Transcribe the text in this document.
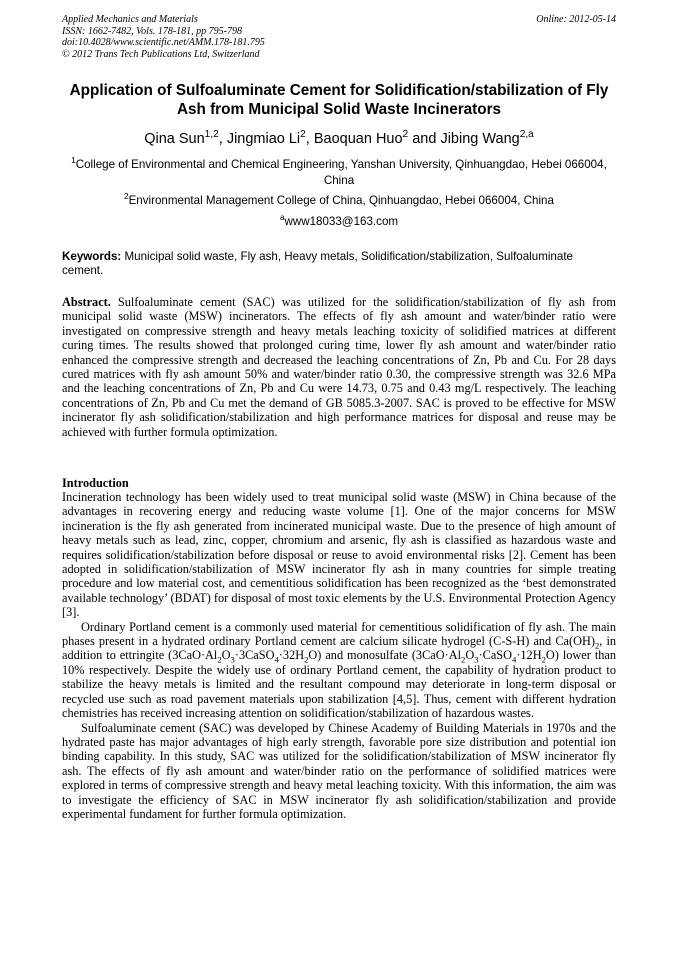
Applied Mechanics and Materials
ISSN: 1662-7482, Vols. 178-181, pp 795-798
doi:10.4028/www.scientific.net/AMM.178-181.795
© 2012 Trans Tech Publications Ltd, Switzerland
Online: 2012-05-14
Application of Sulfoaluminate Cement for Solidification/stabilization of Fly Ash from Municipal Solid Waste Incinerators
Qina Sun$^{1,2}$, Jingmiao Li$^2$, Baoquan Huo$^2$ and Jibing Wang$^{2,a}$
$^1$College of Environmental and Chemical Engineering, Yanshan University, Qinhuangdao, Hebei 066004, China
$^2$Environmental Management College of China, Qinhuangdao, Hebei 066004, China
$^a$www18033@163.com
Keywords: Municipal solid waste, Fly ash, Heavy metals, Solidification/stabilization, Sulfoaluminate cement.
Abstract. Sulfoaluminate cement (SAC) was utilized for the solidification/stabilization of fly ash from municipal solid waste (MSW) incinerators. The effects of fly ash amount and water/binder ratio were investigated on compressive strength and heavy metals leaching toxicity of solidified matrices at different curing times. The results showed that prolonged curing time, lower fly ash amount and water/binder ratio enhanced the compressive strength and decreased the leaching concentrations of Zn, Pb and Cu. For 28 days cured matrices with fly ash amount 50% and water/binder ratio 0.30, the compressive strength was 32.6 MPa and the leaching concentrations of Zn, Pb and Cu were 14.73, 0.75 and 0.43 mg/L respectively. The leaching concentrations of Zn, Pb and Cu met the demand of GB 5085.3-2007. SAC is proved to be effective for MSW incinerator fly ash solidification/stabilization and high performance matrices for disposal and reuse may be achieved with further formula optimization.
Introduction

Incineration technology has been widely used to treat municipal solid waste (MSW) in China because of the advantages in recovering energy and reducing waste volume [1]. One of the major concerns for MSW incineration is the fly ash generated from incinerated municipal waste. Due to the presence of high amount of heavy metals such as lead, zinc, copper, chromium and arsenic, fly ash is classified as hazardous waste and requires solidification/stabilization before disposal or reuse to avoid environmental risks [2]. Cement has been adopted in solidification/stabilization of MSW incinerator fly ash in many countries for simple treating procedure and low material cost, and cementitious solidification has been recognized as the ‘best demonstrated available technology’ (BDAT) for disposal of most toxic elements by the U.S. Environmental Protection Agency [3].

Ordinary Portland cement is a commonly used material for cementitious solidification of fly ash. The main phases present in a hydrated ordinary Portland cement are calcium silicate hydrogel (C-S-H) and $Ca(OH)_2$, in addition to ettringite $(3CaO\cdot Al_2O_3\cdot 3CaSO_4\cdot 32H_2O)$ and monosulfate $(3CaO\cdot Al_2O_3\cdot CaSO_4\cdot 12H_2O)$ lower than 10% respectively. Despite the widely use of ordinary Portland cement, the capability of hydration product to stabilize the heavy metals is limited and the resultant compound may deteriorate in long-term disposal or recycled use such as road pavement materials upon stabilization [4,5]. Thus, cement with different hydration chemistries has received increasing attention on solidification/stabilization of hazardous wastes.

Sulfoaluminate cement (SAC) was developed by Chinese Academy of Building Materials in 1970s and the hydrated paste has major advantages of high early strength, favorable pore size distribution and potential ion binding capability. In this study, SAC was utilized for the solidification/stabilization of MSW incinerator fly ash. The effects of fly ash amount and water/binder ratio on the performance of solidified matrices were explored in terms of compressive strength and heavy metal leaching toxicity. With this information, the aim was to investigate the efficiency of SAC in MSW incinerator fly ash solidification/stabilization and provide experimental fundament for further formula optimization.
